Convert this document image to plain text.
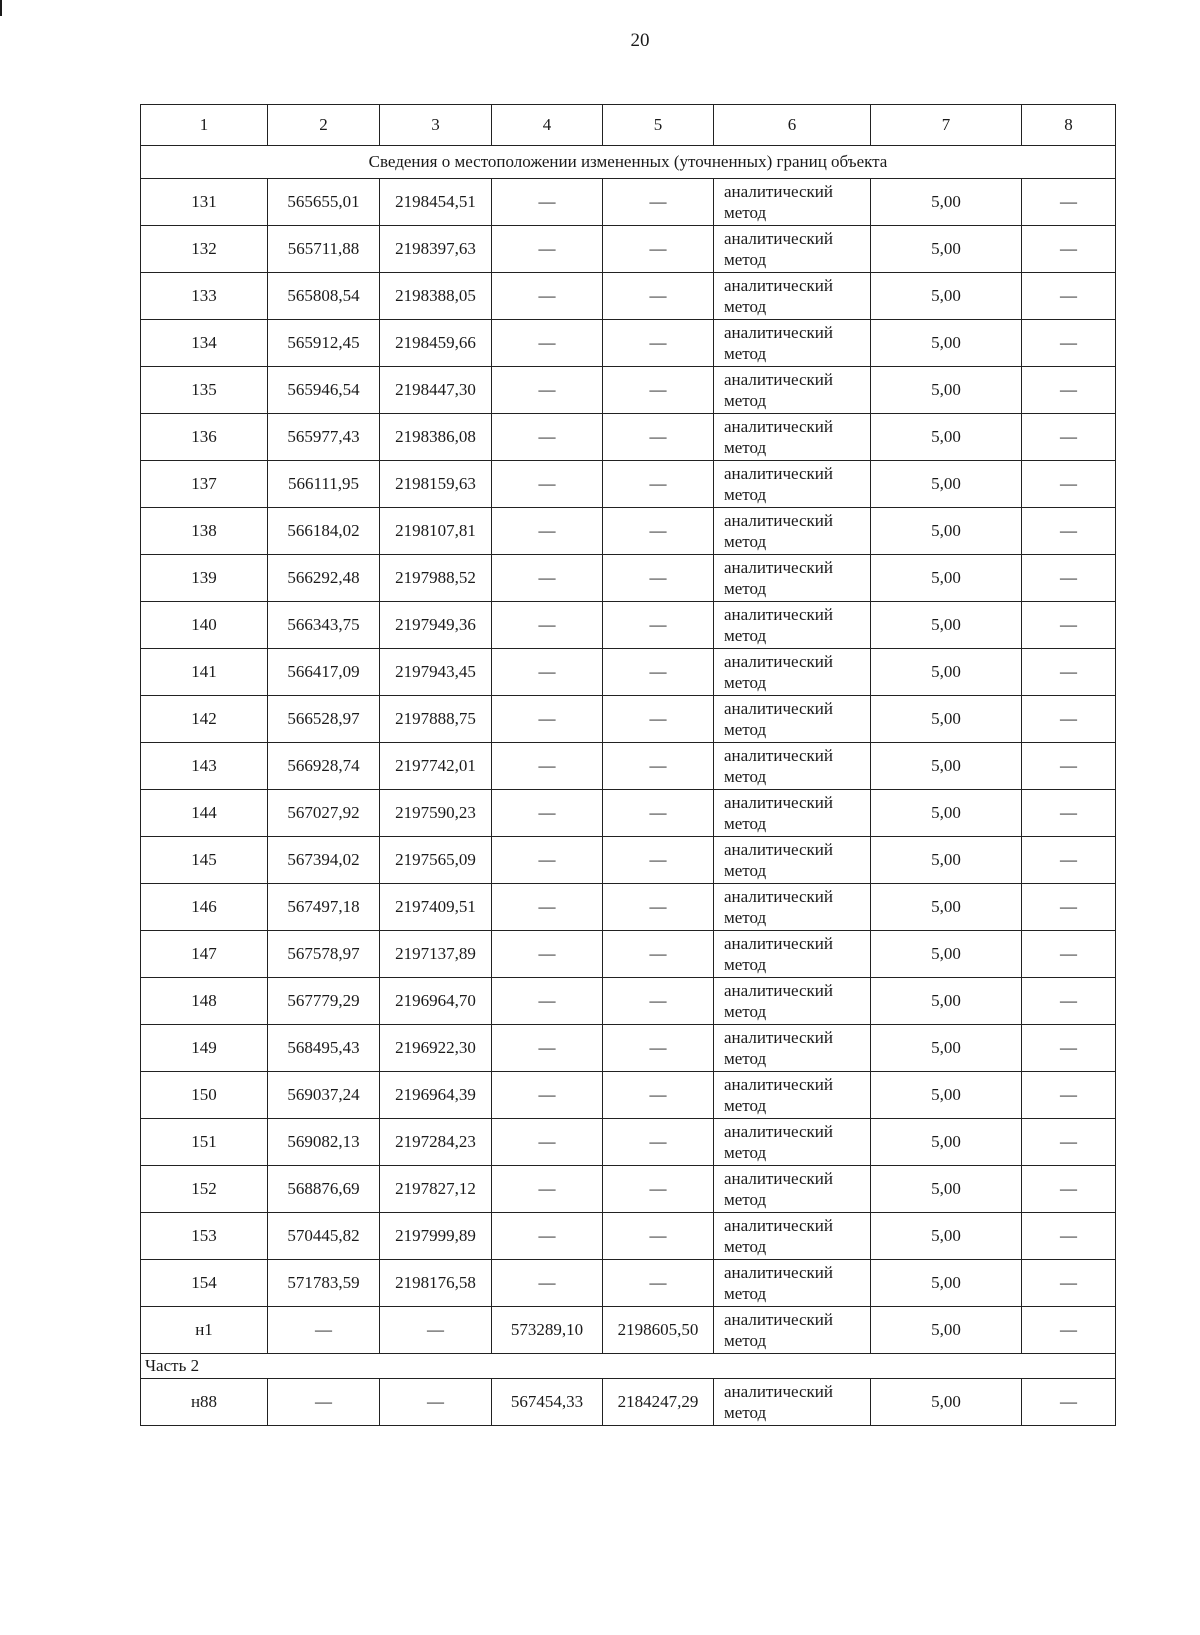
20
1	2	3	4	5	6	7	8
Сведения о местоположении измененных (уточненных) границ объекта							
131	565655,01	2198454,51	—	—	аналитический метод	5,00	—
132	565711,88	2198397,63	—	—	аналитический метод	5,00	—
133	565808,54	2198388,05	—	—	аналитический метод	5,00	—
134	565912,45	2198459,66	—	—	аналитический метод	5,00	—
135	565946,54	2198447,30	—	—	аналитический метод	5,00	—
136	565977,43	2198386,08	—	—	аналитический метод	5,00	—
137	566111,95	2198159,63	—	—	аналитический метод	5,00	—
138	566184,02	2198107,81	—	—	аналитический метод	5,00	—
139	566292,48	2197988,52	—	—	аналитический метод	5,00	—
140	566343,75	2197949,36	—	—	аналитический метод	5,00	—
141	566417,09	2197943,45	—	—	аналитический метод	5,00	—
142	566528,97	2197888,75	—	—	аналитический метод	5,00	—
143	566928,74	2197742,01	—	—	аналитический метод	5,00	—
144	567027,92	2197590,23	—	—	аналитический метод	5,00	—
145	567394,02	2197565,09	—	—	аналитический метод	5,00	—
146	567497,18	2197409,51	—	—	аналитический метод	5,00	—
147	567578,97	2197137,89	—	—	аналитический метод	5,00	—
148	567779,29	2196964,70	—	—	аналитический метод	5,00	—
149	568495,43	2196922,30	—	—	аналитический метод	5,00	—
150	569037,24	2196964,39	—	—	аналитический метод	5,00	—
151	569082,13	2197284,23	—	—	аналитический метод	5,00	—
152	568876,69	2197827,12	—	—	аналитический метод	5,00	—
153	570445,82	2197999,89	—	—	аналитический метод	5,00	—
154	571783,59	2198176,58	—	—	аналитический метод	5,00	—
н1	—	—	573289,10	2198605,50	аналитический метод	5,00	—
Часть 2							
н88	—	—	567454,33	2184247,29	аналитический метод	5,00	—
